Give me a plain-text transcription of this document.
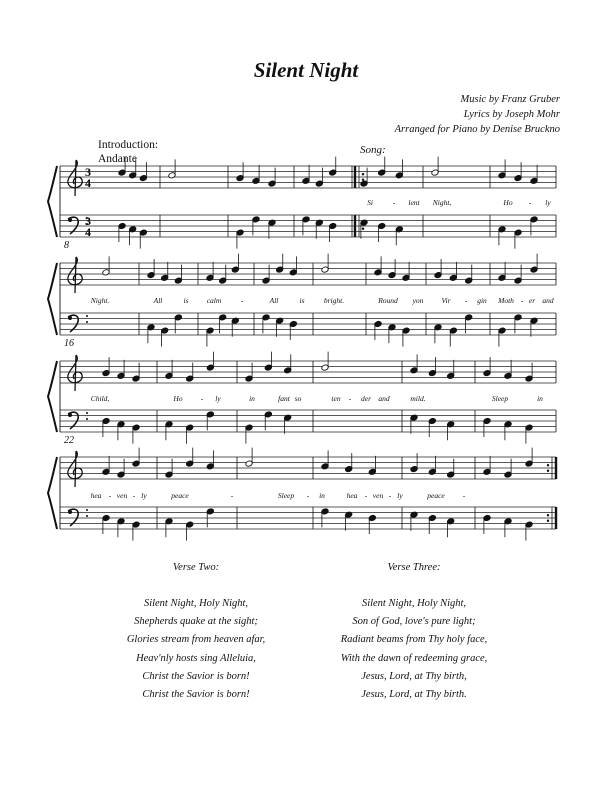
Silent Night
Music by Franz Gruber
Lyrics by Joseph Mohr
Arranged for Piano by Denise Bruckno
Introduction:
Andante
Song:
8
16
22
3
4
3
4
Si	- lent Night,	Ho - ly
Night.	All	is calm	-	All	is	bright.	Round yon Vir - gin Moth - er and
Child,	Ho - ly	in	fant so	ten - der and	mild.	Sleep	in
hea - ven - ly	peace	-	Sleep - in	hea - ven - ly	peace -
Verse Two:	Verse Three:
Silent Night, Holy Night,
Shepherds quake at the sight;
Glories stream from heaven afar,
Heav'nly hosts sing Alleluia,
Christ the Savior is born!
Christ the Savior is born!
Silent Night, Holy Night,
Son of God, love's pure light;
Radiant beams from Thy holy face,
With the dawn of redeeming grace,
Jesus, Lord, at Thy birth,
Jesus, Lord, at Thy birth.
